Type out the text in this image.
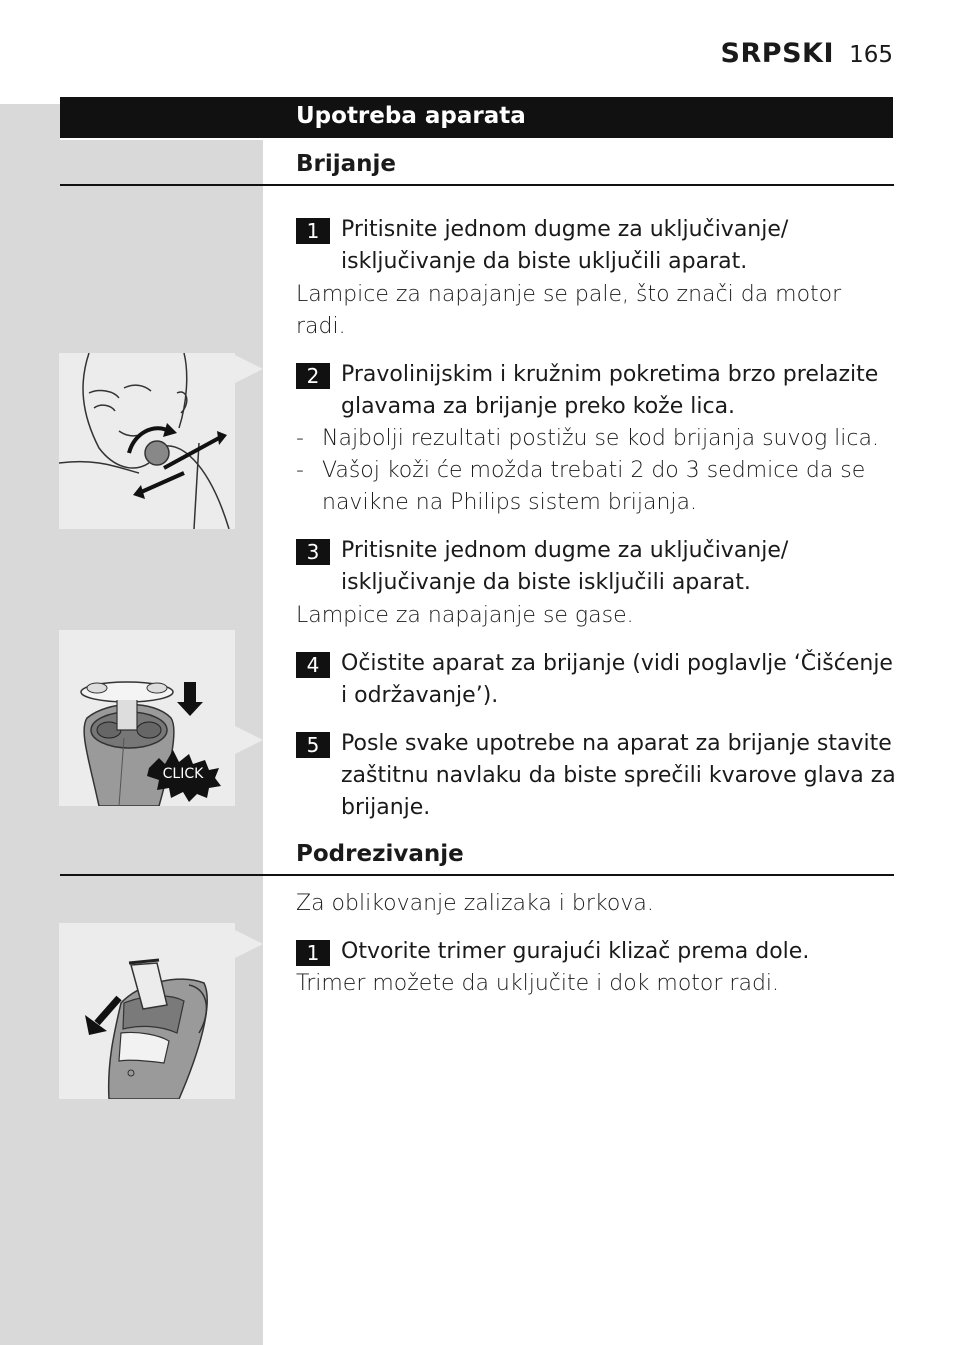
SRPSKI 165
Upotreba aparata
Brijanje
1 Pritisnite jednom dugme za uključivanje/ isključivanje da biste uključili aparat.
Lampice za napajanje se pale, što znači da motor radi.
2 Pravolinijskim i kružnim pokretima brzo prelazite glavama za brijanje preko kože lica.
- Najbolji rezultati postižu se kod brijanja suvog lica.
- Vašoj koži će možda trebati 2 do 3 sedmice da se navikne na Philips sistem brijanja.
3 Pritisnite jednom dugme za uključivanje/ isključivanje da biste isključili aparat.
Lampice za napajanje se gase.
CLICK
4 Očistite aparat za brijanje (vidi poglavlje ‘Čišćenje i održavanje’).
5 Posle svake upotrebe na aparat za brijanje stavite zaštitnu navlaku da biste sprečili kvarove glava za brijanje.
Podrezivanje
Za oblikovanje zalizaka i brkova.
1 Otvorite trimer gurajući klizač prema dole.
Trimer možete da uključite i dok motor radi.
